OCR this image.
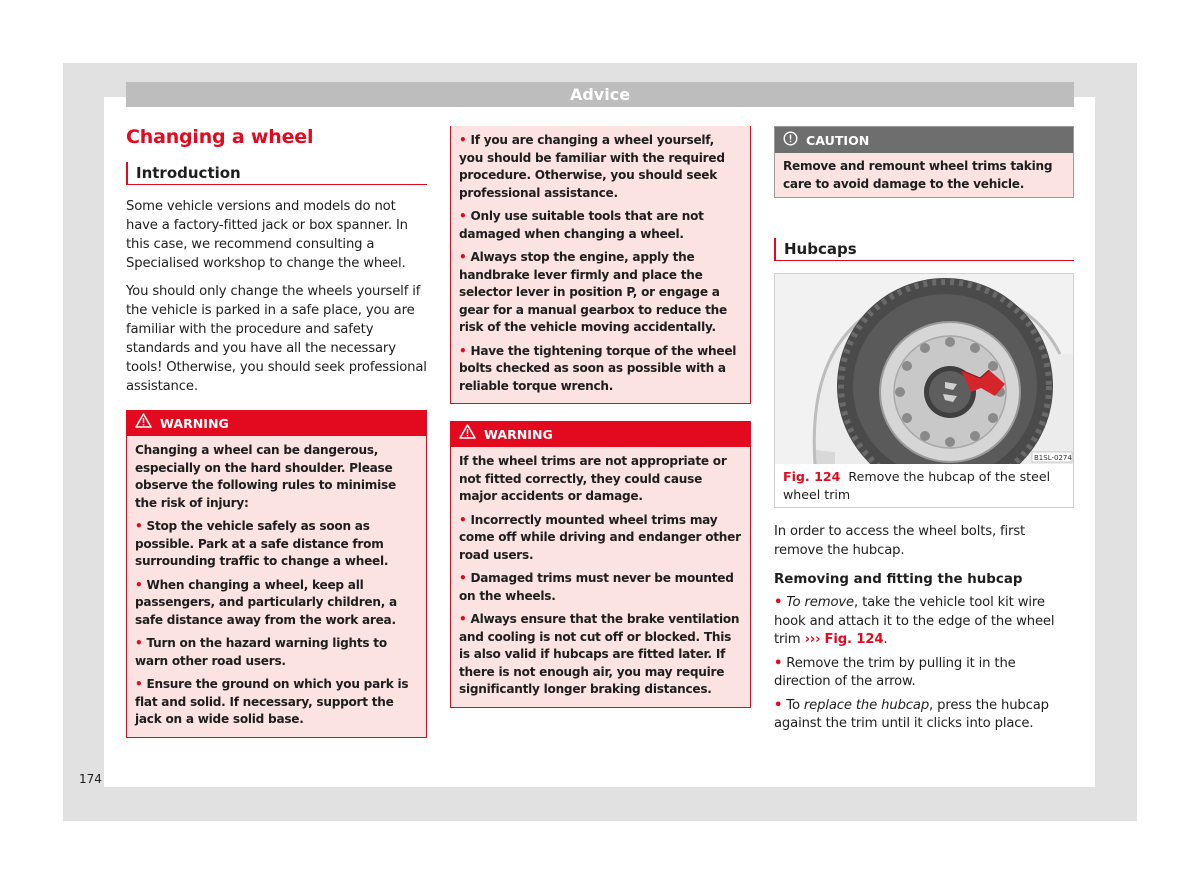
Advice
Changing a wheel
Introduction

Some vehicle versions and models do not have a factory-fitted jack or box spanner. In this case, we recommend consulting a Specialised workshop to change the wheel.

You should only change the wheels yourself if the vehicle is parked in a safe place, you are familiar with the procedure and safety standards and you have all the necessary tools! Otherwise, you should seek professional assistance.

WARNING

Changing a wheel can be dangerous, especially on the hard shoulder. Please observe the following rules to minimise the risk of injury:

• Stop the vehicle safely as soon as possible. Park at a safe distance from surrounding traffic to change a wheel.
• When changing a wheel, keep all passengers, and particularly children, a safe distance away from the work area.
• Turn on the hazard warning lights to warn other road users.
• Ensure the ground on which you park is flat and solid. If necessary, support the jack on a wide solid base.
• If you are changing a wheel yourself, you should be familiar with the required procedure. Otherwise, you should seek professional assistance.
• Only use suitable tools that are not damaged when changing a wheel.
• Always stop the engine, apply the handbrake lever firmly and place the selector lever in position P, or engage a gear for a manual gearbox to reduce the risk of the vehicle moving accidentally.
• Have the tightening torque of the wheel bolts checked as soon as possible with a reliable torque wrench.
WARNING

If the wheel trims are not appropriate or not fitted correctly, they could cause major accidents or damage.

• Incorrectly mounted wheel trims may come off while driving and endanger other road users.
• Damaged trims must never be mounted on the wheels.
• Always ensure that the brake ventilation and cooling is not cut off or blocked. This is also valid if hubcaps are fitted later. If there is not enough air, you may require significantly longer braking distances.
CAUTION
Remove and remount wheel trims taking care to avoid damage to the vehicle.
Hubcaps
B1SL-0274
Fig. 124 Remove the hubcap of the steel wheel trim

In order to access the wheel bolts, first remove the hubcap.

Removing and fitting the hubcap
• To remove, take the vehicle tool kit wire hook and attach it to the edge of the wheel trim ››› Fig. 124.
• Remove the trim by pulling it in the direction of the arrow.
• To replace the hubcap, press the hubcap against the trim until it clicks into place.
174
